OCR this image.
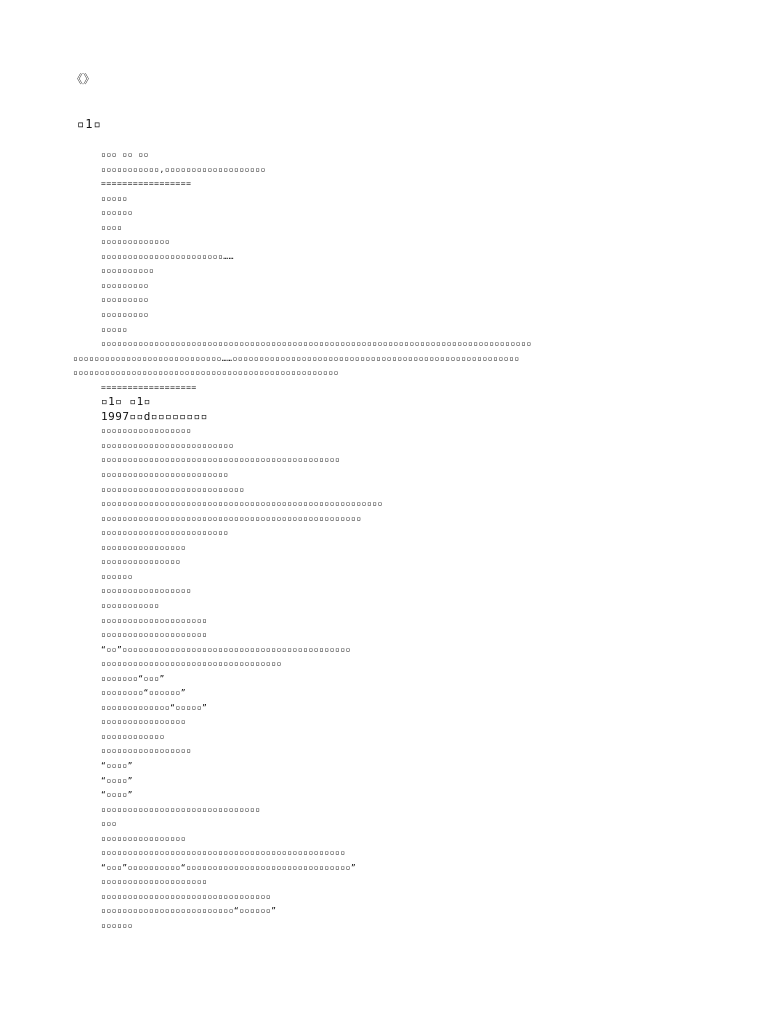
《》
▫1▫
▫▫▫ ▫▫ ▫▫
▫▫▫▫▫▫▫▫▫▫▫,▫▫▫▫▫▫▫▫▫▫▫▫▫▫▫▫▫▫▫
=================
▫▫▫▫▫
▫▫▫▫▫▫
▫▫▫▫
▫▫▫▫▫▫▫▫▫▫▫▫▫
▫▫▫▫▫▫▫▫▫▫▫▫▫▫▫▫▫▫▫▫▫▫▫……
▫▫▫▫▫▫▫▫▫▫
▫▫▫▫▫▫▫▫▫
▫▫▫▫▫▫▫▫▫
▫▫▫▫▫▫▫▫▫
▫▫▫▫▫
▫▫▫▫▫▫▫▫▫▫▫▫▫▫▫▫▫▫▫▫▫▫▫▫▫▫▫▫▫▫▫▫▫▫▫▫▫▫▫▫▫▫▫▫▫▫▫▫▫▫▫▫▫▫▫▫▫▫▫▫▫▫▫▫▫▫▫▫▫▫▫▫▫▫▫▫▫▫▫▫▫
▫▫▫▫▫▫▫▫▫▫▫▫▫▫▫▫▫▫▫▫▫▫▫▫▫▫▫▫……▫▫▫▫▫▫▫▫▫▫▫▫▫▫▫▫▫▫▫▫▫▫▫▫▫▫▫▫▫▫▫▫▫▫▫▫▫▫▫▫▫▫▫▫▫▫▫▫▫▫▫▫▫▫
▫▫▫▫▫▫▫▫▫▫▫▫▫▫▫▫▫▫▫▫▫▫▫▫▫▫▫▫▫▫▫▫▫▫▫▫▫▫▫▫▫▫▫▫▫▫▫▫▫▫
==================
▫1▫ ▫1▫
1997▫▫d▫▫▫▫▫▫▫▫
▫▫▫▫▫▫▫▫▫▫▫▫▫▫▫▫▫
▫▫▫▫▫▫▫▫▫▫▫▫▫▫▫▫▫▫▫▫▫▫▫▫▫
▫▫▫▫▫▫▫▫▫▫▫▫▫▫▫▫▫▫▫▫▫▫▫▫▫▫▫▫▫▫▫▫▫▫▫▫▫▫▫▫▫▫▫▫▫
▫▫▫▫▫▫▫▫▫▫▫▫▫▫▫▫▫▫▫▫▫▫▫▫
▫▫▫▫▫▫▫▫▫▫▫▫▫▫▫▫▫▫▫▫▫▫▫▫▫▫▫
▫▫▫▫▫▫▫▫▫▫▫▫▫▫▫▫▫▫▫▫▫▫▫▫▫▫▫▫▫▫▫▫▫▫▫▫▫▫▫▫▫▫▫▫▫▫▫▫▫▫▫▫▫
▫▫▫▫▫▫▫▫▫▫▫▫▫▫▫▫▫▫▫▫▫▫▫▫▫▫▫▫▫▫▫▫▫▫▫▫▫▫▫▫▫▫▫▫▫▫▫▫▫
▫▫▫▫▫▫▫▫▫▫▫▫▫▫▫▫▫▫▫▫▫▫▫▫
▫▫▫▫▫▫▫▫▫▫▫▫▫▫▫▫
▫▫▫▫▫▫▫▫▫▫▫▫▫▫▫
▫▫▫▫▫▫
▫▫▫▫▫▫▫▫▫▫▫▫▫▫▫▫▫
▫▫▫▫▫▫▫▫▫▫▫
▫▫▫▫▫▫▫▫▫▫▫▫▫▫▫▫▫▫▫▫
▫▫▫▫▫▫▫▫▫▫▫▫▫▫▫▫▫▫▫▫
“▫▫”▫▫▫▫▫▫▫▫▫▫▫▫▫▫▫▫▫▫▫▫▫▫▫▫▫▫▫▫▫▫▫▫▫▫▫▫▫▫▫▫▫▫▫
▫▫▫▫▫▫▫▫▫▫▫▫▫▫▫▫▫▫▫▫▫▫▫▫▫▫▫▫▫▫▫▫▫▫
▫▫▫▫▫▫▫“▫▫▫”
▫▫▫▫▫▫▫▫“▫▫▫▫▫▫”
▫▫▫▫▫▫▫▫▫▫▫▫▫“▫▫▫▫▫”
▫▫▫▫▫▫▫▫▫▫▫▫▫▫▫▫
▫▫▫▫▫▫▫▫▫▫▫▫
▫▫▫▫▫▫▫▫▫▫▫▫▫▫▫▫▫
“▫▫▫▫”
“▫▫▫▫”
“▫▫▫▫”
▫▫▫▫▫▫▫▫▫▫▫▫▫▫▫▫▫▫▫▫▫▫▫▫▫▫▫▫▫▫
▫▫▫
▫▫▫▫▫▫▫▫▫▫▫▫▫▫▫▫
▫▫▫▫▫▫▫▫▫▫▫▫▫▫▫▫▫▫▫▫▫▫▫▫▫▫▫▫▫▫▫▫▫▫▫▫▫▫▫▫▫▫▫▫▫▫
“▫▫▫”▫▫▫▫▫▫▫▫▫▫“▫▫▫▫▫▫▫▫▫▫▫▫▫▫▫▫▫▫▫▫▫▫▫▫▫▫▫▫▫▫▫”
▫▫▫▫▫▫▫▫▫▫▫▫▫▫▫▫▫▫▫▫
▫▫▫▫▫▫▫▫▫▫▫▫▫▫▫▫▫▫▫▫▫▫▫▫▫▫▫▫▫▫▫▫
▫▫▫▫▫▫▫▫▫▫▫▫▫▫▫▫▫▫▫▫▫▫▫▫▫“▫▫▫▫▫▫”
▫▫▫▫▫▫
